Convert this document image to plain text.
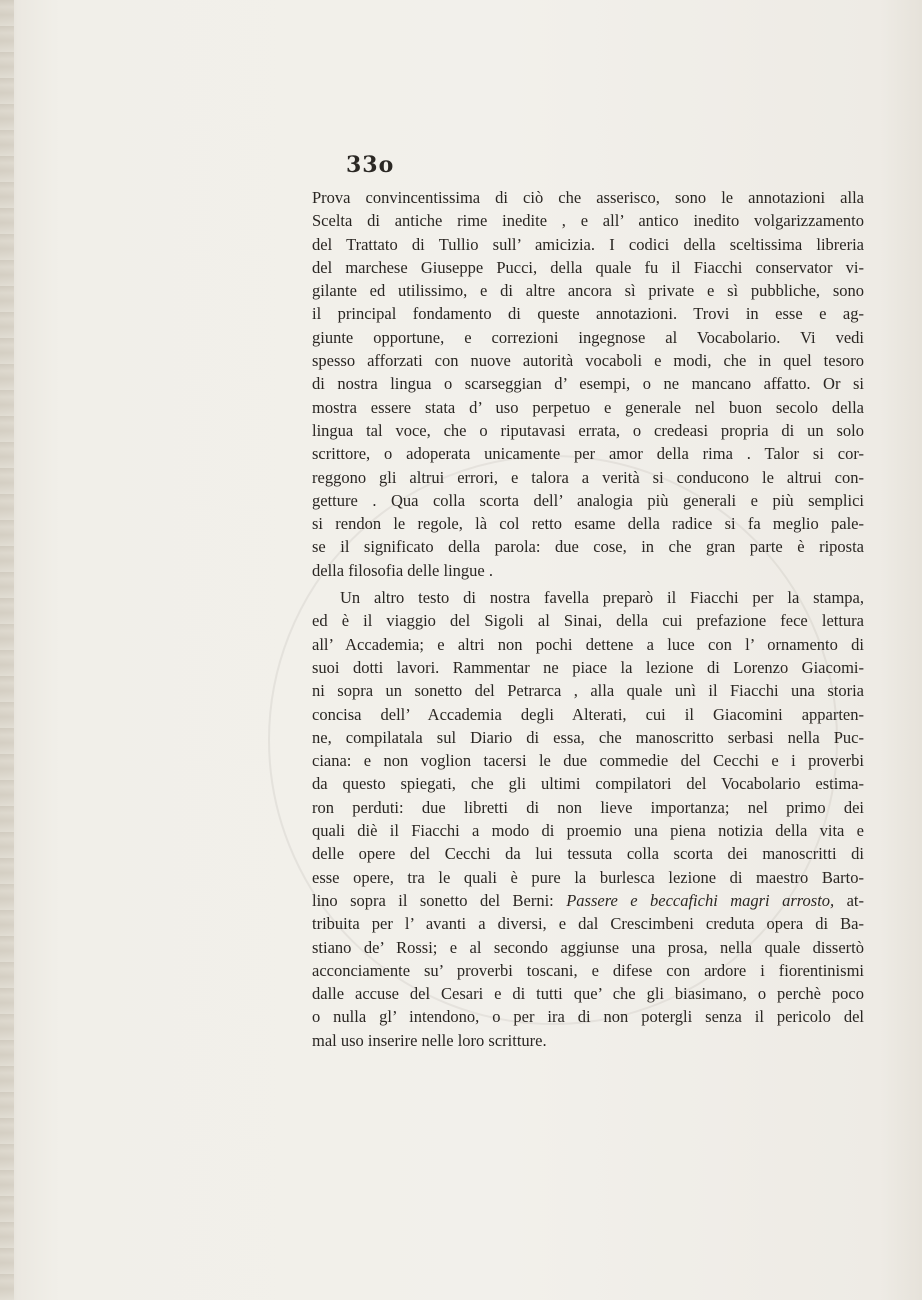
33o

Prova convincentissima di ciò che asserisco, sono le annotazioni alla
Scelta di antiche rime inedite , e all’ antico inedito volgarizzamento
del Trattato di Tullio sull’ amicizia. I codici della sceltissima libreria
del marchese Giuseppe Pucci, della quale fu il Fiacchi conservator vi-
gilante ed utilissimo, e di altre ancora sì private e sì pubbliche, sono
il principal fondamento di queste annotazioni. Trovi in esse e ag-
giunte opportune, e correzioni ingegnose al Vocabolario. Vi vedi
spesso afforzati con nuove autorità vocaboli e modi, che in quel tesoro
di nostra lingua o scarseggian d’ esempi, o ne mancano affatto. Or si
mostra essere stata d’ uso perpetuo e generale nel buon secolo della
lingua tal voce, che o riputavasi errata, o credeasi propria di un solo
scrittore, o adoperata unicamente per amor della rima . Talor si cor-
reggono gli altrui errori, e talora a verità si conducono le altrui con-
getture . Qua colla scorta dell’ analogia più generali e più semplici
si rendon le regole, là col retto esame della radice si fa meglio pale-
se il significato della parola: due cose, in che gran parte è riposta
della filosofia delle lingue .
Un altro testo di nostra favella preparò il Fiacchi per la stampa,
ed è il viaggio del Sigoli al Sinai, della cui prefazione fece lettura
all’ Accademia; e altri non pochi dettene a luce con l’ ornamento di
suoi dotti lavori. Rammentar ne piace la lezione di Lorenzo Giacomi-
ni sopra un sonetto del Petrarca , alla quale unì il Fiacchi una storia
concisa dell’ Accademia degli Alterati, cui il Giacomini apparten-
ne, compilatala sul Diario di essa, che manoscritto serbasi nella Puc-
ciana: e non voglion tacersi le due commedie del Cecchi e i proverbi
da questo spiegati, che gli ultimi compilatori del Vocabolario estima-
ron perduti: due libretti di non lieve importanza; nel primo dei
quali diè il Fiacchi a modo di proemio una piena notizia della vita e
delle opere del Cecchi da lui tessuta colla scorta dei manoscritti di
esse opere, tra le quali è pure la burlesca lezione di maestro Barto-
lino sopra il sonetto del Berni: Passere e beccafichi magri arrosto, at-
tribuita per l’ avanti a diversi, e dal Crescimbeni creduta opera di Ba-
stiano de’ Rossi; e al secondo aggiunse una prosa, nella quale dissertò
acconciamente su’ proverbi toscani, e difese con ardore i fiorentinismi
dalle accuse del Cesari e di tutti que’ che gli biasimano, o perchè poco
o nulla gl’ intendono, o per ira di non potergli senza il pericolo del
mal uso inserire nelle loro scritture.
